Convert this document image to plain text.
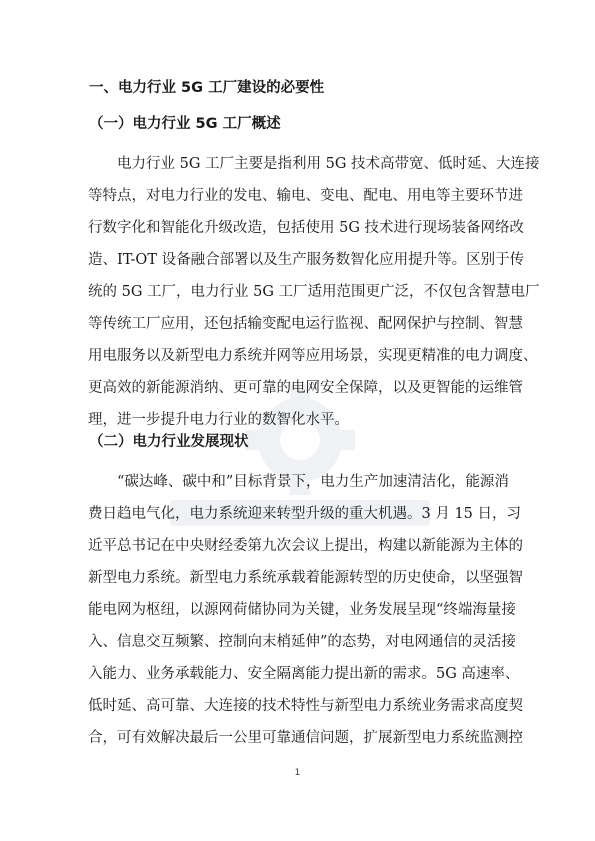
一、电力行业 5G 工厂建设的必要性
（一）电力行业 5G 工厂概述
电力行业 5G 工厂主要是指利用 5G 技术高带宽、低时延、大连接
等特点，对电力行业的发电、输电、变电、配电、用电等主要环节进
行数字化和智能化升级改造，包括使用 5G 技术进行现场装备网络改
造、IT-OT 设备融合部署以及生产服务数智化应用提升等。区别于传
统的 5G 工厂，电力行业 5G 工厂适用范围更广泛，不仅包含智慧电厂
等传统工厂应用，还包括输变配电运行监视、配网保护与控制、智慧
用电服务以及新型电力系统并网等应用场景，实现更精准的电力调度、
更高效的新能源消纳、更可靠的电网安全保障，以及更智能的运维管
理，进一步提升电力行业的数智化水平。
（二）电力行业发展现状
“碳达峰、碳中和”目标背景下，电力生产加速清洁化，能源消
费日趋电气化，电力系统迎来转型升级的重大机遇。3 月 15 日，习
近平总书记在中央财经委第九次会议上提出，构建以新能源为主体的
新型电力系统。新型电力系统承载着能源转型的历史使命，以坚强智
能电网为枢纽，以源网荷储协同为关键，业务发展呈现“终端海量接
入、信息交互频繁、控制向末梢延伸”的态势，对电网通信的灵活接
入能力、业务承载能力、安全隔离能力提出新的需求。5G 高速率、
低时延、高可靠、大连接的技术特性与新型电力系统业务需求高度契
合，可有效解决最后一公里可靠通信问题，扩展新型电力系统监测控
1
